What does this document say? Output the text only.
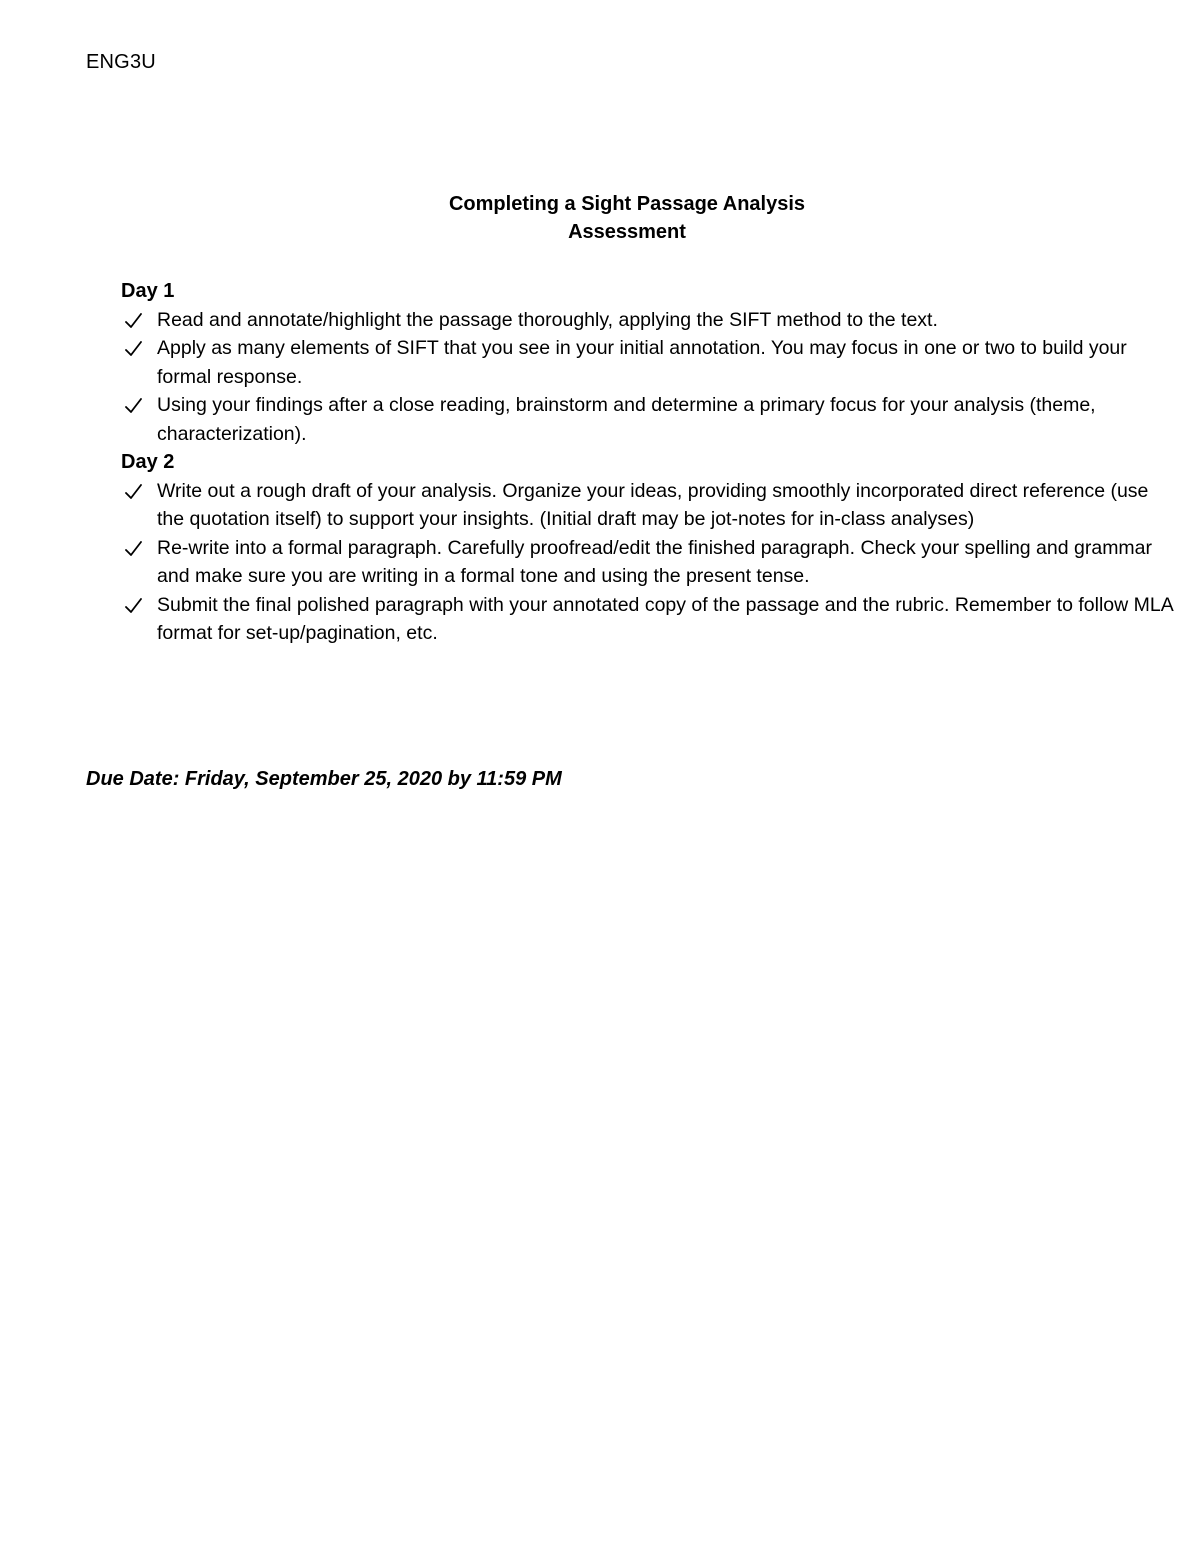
ENG3U
Completing a Sight Passage Analysis
Assessment
Day 1
Read and annotate/highlight the passage thoroughly, applying the SIFT method to the text.
Apply as many elements of SIFT that you see in your initial annotation. You may focus in one or two to build your formal response.
Using your findings after a close reading, brainstorm and determine a primary focus for your analysis (theme, characterization).
Day 2
Write out a rough draft of your analysis. Organize your ideas, providing smoothly incorporated direct reference (use the quotation itself) to support your insights. (Initial draft may be jot-notes for in-class analyses)
Re-write into a formal paragraph. Carefully proofread/edit the finished paragraph. Check your spelling and grammar and make sure you are writing in a formal tone and using the present tense.
Submit the final polished paragraph with your annotated copy of the passage and the rubric. Remember to follow MLA format for set-up/pagination, etc.
Due Date: Friday, September 25, 2020 by 11:59 PM
